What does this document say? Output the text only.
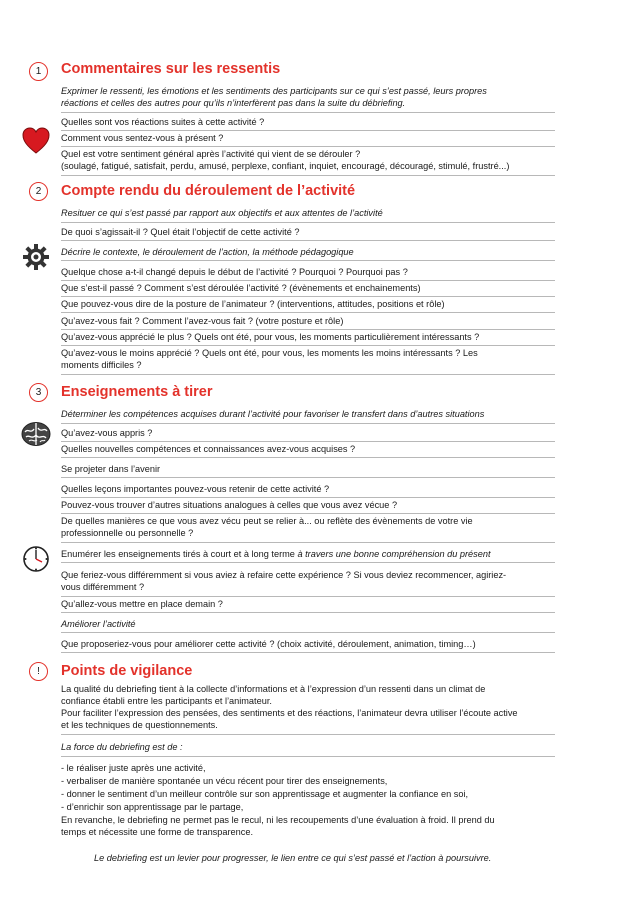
1	Commentaires sur les ressentis
Exprimer le ressenti, les émotions et les sentiments des participants sur ce qui s’est passé, leurs propres
réactions et celles des autres pour qu’ils n’interfèrent pas dans la suite du débriefing.
Quelles sont vos réactions suites à cette activité ?
Comment vous sentez-vous à présent ?
Quel est votre sentiment général après l’activité qui vient de se dérouler ?
(soulagé, fatigué, satisfait, perdu, amusé, perplexe, confiant, inquiet, encouragé, découragé, stimulé, frustré...)
2	Compte rendu du déroulement de l’activité
Resituer ce qui s’est passé par rapport aux objectifs et aux attentes de l’activité
De quoi s’agissait-il ? Quel était l’objectif de cette activité ?
Décrire le contexte, le déroulement de l’action, la méthode pédagogique
Quelque chose a-t-il changé depuis le début de l’activité ? Pourquoi ? Pourquoi pas ?
Que s’est-il passé ? Comment s’est déroulée l’activité ? (évènements et enchainements)
Que pouvez-vous dire de la posture de l’animateur ? (interventions, attitudes, positions et rôle)
Qu’avez-vous fait ? Comment l’avez-vous fait ? (votre posture et rôle)
Qu’avez-vous apprécié le plus ? Quels ont été, pour vous, les moments particulièrement intéressants ?
Qu’avez-vous le moins apprécié ? Quels ont été, pour vous, les moments les moins intéressants ? Les
moments difficiles ?
3	Enseignements à tirer
Déterminer les compétences acquises durant l’activité pour favoriser le transfert dans d’autres situations
Qu’avez-vous appris ?
Quelles nouvelles compétences et connaissances avez-vous acquises ?
Se projeter dans l’avenir
Quelles leçons importantes pouvez-vous retenir de cette activité ?
Pouvez-vous trouver d’autres situations analogues à celles que vous avez vécue ?
De quelles manières ce que vous avez vécu peut se relier à... ou reflète des évènements de votre vie
professionnelle ou personnelle ?
Enumérer les enseignements tirés à court et à long terme à travers une bonne compréhension du présent
Que feriez-vous différemment si vous aviez à refaire cette expérience ? Si vous deviez recommencer, agiriez-
vous différemment ?
Qu’allez-vous mettre en place demain ?
Améliorer l’activité
Que proposeriez-vous pour améliorer cette activité ? (choix activité, déroulement, animation, timing…)
!	Points de vigilance
La qualité du debriefing tient à la collecte d’informations et à l’expression d’un ressenti dans un climat de
confiance établi entre les participants et l’animateur.
Pour faciliter l’expression des pensées, des sentiments et des réactions, l’animateur devra utiliser l’écoute active
et les techniques de questionnements.
La force du debriefing est de :
- le réaliser juste après une activité,
- verbaliser de manière spontanée un vécu récent pour tirer des enseignements,
- donner le sentiment d’un meilleur contrôle sur son apprentissage et augmenter la confiance en soi,
- d’enrichir son apprentissage par le partage,
En revanche, le debriefing ne permet pas le recul, ni les recoupements d’une évaluation à froid. Il prend du
temps et nécessite une forme de transparence.
Le debriefing est un levier pour progresser, le lien entre ce qui s’est passé et l’action à poursuivre.
